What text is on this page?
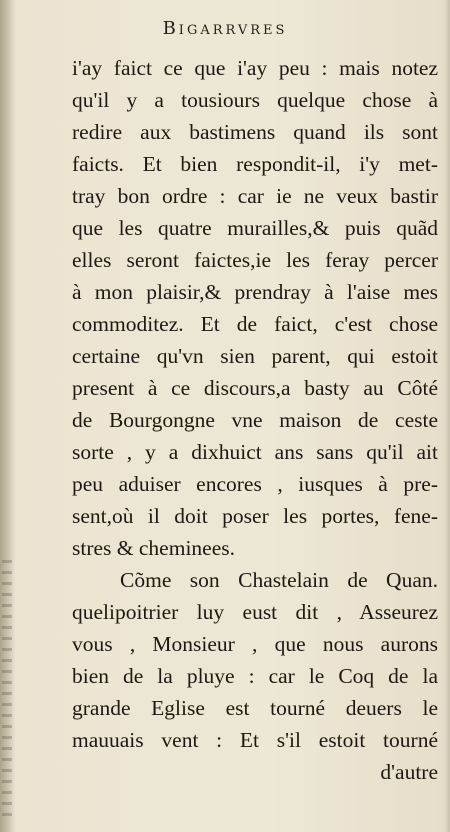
Bigarrvres
i'ay faict ce que i'ay peu : mais notez
qu'il y a tousiours quelque chose à
redire aux bastimens quand ils sont
faicts. Et bien respondit-il, i'y met-
tray bon ordre : car ie ne veux bastir
que les quatre murailles,& puis quãd
elles seront faictes,ie les feray percer
à mon plaisir,& prendray à l'aise mes
commoditez. Et de faict, c'est chose
certaine qu'vn sien parent, qui estoit
present à ce discours,a basty au Côté
de Bourgongne vne maison de ceste
sorte , y a dixhuict ans sans qu'il ait
peu aduiser encores , iusques à pre-
sent,où il doit poser les portes, fene-
stres & cheminees.
Cõme son Chastelain de Quan.
quelipoitrier luy eust dit , Asseurez
vous , Monsieur , que nous aurons
bien de la pluye : car le Coq de la
grande Eglise est tourné deuers le
mauuais vent : Et s'il estoit tourné
d'autre
